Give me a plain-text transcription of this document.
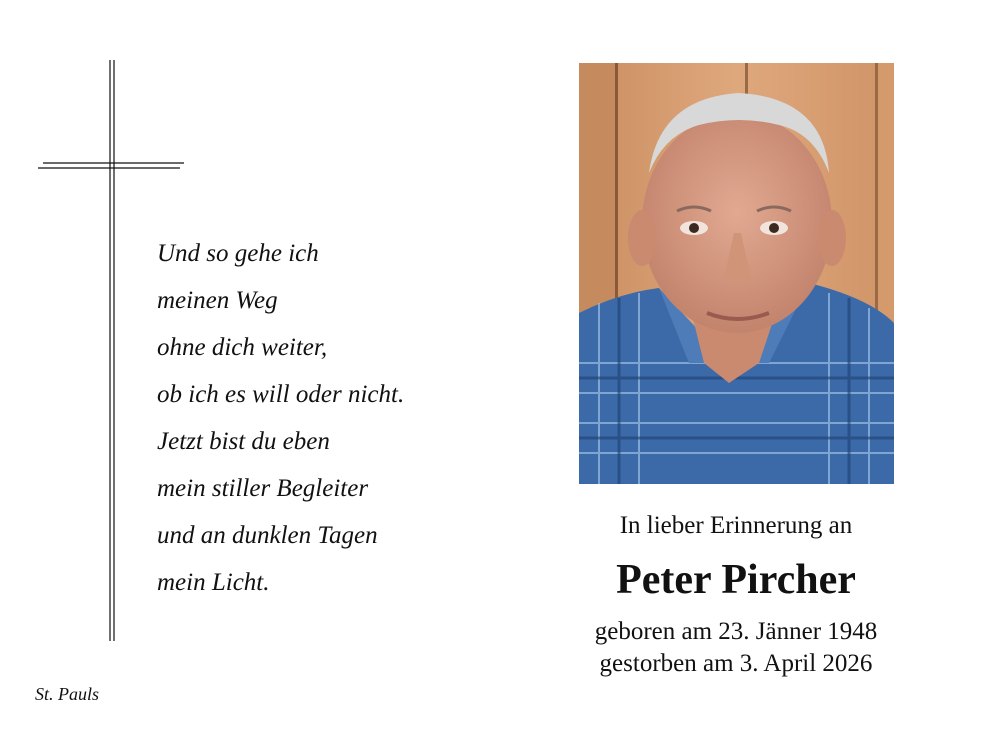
Und so gehe ich
meinen Weg
ohne dich weiter,
ob ich es will oder nicht.
Jetzt bist du eben
mein stiller Begleiter
und an dunklen Tagen
mein Licht.
St. Pauls
In lieber Erinnerung an
Peter Pircher
geboren am 23. Jänner 1948
gestorben am 3. April 2026
